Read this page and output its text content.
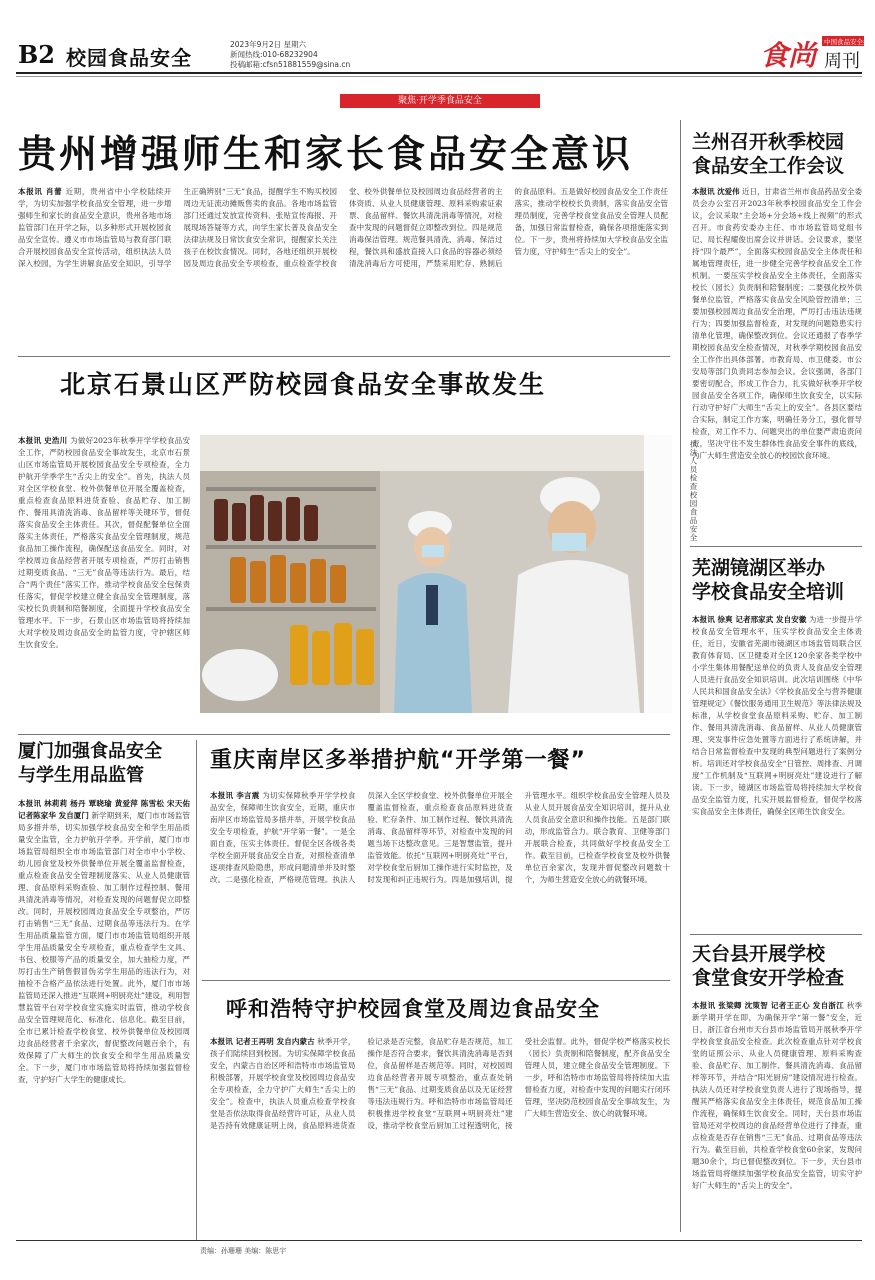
B2 校园食品安全
2023年9月2日 星期六
新闻热线:010-68232904
投稿邮箱:cfsn51881559@sina.cn	食尚	中国食品安全报
周刊
聚焦·开学季食品安全
贵州增强师生和家长食品安全意识
本报讯 肖蕾 近期，贵州省中小学校陆续开学，为切实加强学校食品安全管理，进一步增强师生和家长的食品安全意识，贵州各地市场监管部门在开学之际，以多种形式开展校园食品安全宣传。遵义市市场监管局与教育部门联合开展校园食品安全宣传活动，组织执法人员深入校园，为学生讲解食品安全知识，引导学生正确辨别“三无”食品，提醒学生不购买校园周边无证流动摊贩售卖的食品。各地市场监管部门还通过发放宣传资料、张贴宣传海报、开展现场答疑等方式，向学生家长普及食品安全法律法规及日常饮食安全常识，提醒家长关注孩子在校饮食情况。同时，各地还组织开展校园及周边食品安全专项检查，重点检查学校食堂、校外供餐单位及校园周边食品经营者的主体资质、从业人员健康管理、原料采购索证索票、食品留样、餐饮具清洗消毒等情况，对检查中发现的问题督促立即整改到位。四是规范消毒保洁管理。规范餐具清洗、消毒、保洁过程，餐饮具和盛放直接入口食品的容器必须经清洗消毒后方可使用，严禁采用贮存、熟制后的食品原料。五是做好校园食品安全工作责任落实，推动学校校长负责制，落实食品安全管理员制度，完善学校食堂食品安全管理人员配备，加强日常监督检查，确保各项措施落实到位。下一步，贵州将持续加大学校食品安全监管力度，守护师生“舌尖上的安全”。
兰州召开秋季校园
食品安全工作会议
本报讯 沈爱伟 近日，甘肃省兰州市食品药品安全委员会办公室召开2023年秋季校园食品安全工作会议，会议采取“主会场+分会场+线上视频”的形式召开。市食药安委办主任、市市场监管局党组书记、局长程耀俊出席会议并讲话。会议要求，要坚持“四个最严”，全面落实校园食品安全主体责任和属地管理责任，进一步健全完善学校食品安全工作机制。一要压实学校食品安全主体责任，全面落实校长（园长）负责制和陪餐制度；二要强化校外供餐单位监管，严格落实食品安全风险管控清单；三要加强校园周边食品安全治理，严厉打击违法违规行为；四要加强监督检查，对发现的问题隐患实行清单化管理，确保整改到位。会议还通报了春季学期校园食品安全检查情况，对秋季学期校园食品安全工作作出具体部署。市教育局、市卫健委、市公安局等部门负责同志参加会议。会议强调，各部门要密切配合，形成工作合力，扎实做好秋季开学校园食品安全各项工作，确保师生饮食安全，以实际行动守护好广大师生“舌尖上的安全”。各县区要结合实际，制定工作方案，明确任务分工，强化督导检查，对工作不力、问题突出的单位要严肃追责问责，坚决守住不发生群体性食品安全事件的底线，为广大师生营造安全放心的校园饮食环境。
北京石景山区严防校园食品安全事故发生
本报讯 史浩川 为做好2023年秋季开学学校食品安全工作，严防校园食品安全事故发生，北京市石景山区市场监管局开展校园食品安全专项检查，全力护航开学季学生“舌尖上的安全”。首先，执法人员对全区学校食堂、校外供餐单位开展全覆盖检查，重点检查食品原料进货查验、食品贮存、加工制作、餐用具清洗消毒、食品留样等关键环节，督促落实食品安全主体责任。其次，督促配餐单位全面落实主体责任，严格落实食品安全管理制度，规范食品加工操作流程，确保配送食品安全。同时，对学校周边食品经营者开展专项检查，严厉打击销售过期变质食品、“三无”食品等违法行为。最后，结合“两个责任”落实工作，推动学校食品安全包保责任落实，督促学校建立健全食品安全管理制度，落实校长负责制和陪餐制度，全面提升学校食品安全管理水平。下一步，石景山区市场监管局将持续加大对学校及周边食品安全的监管力度，守护辖区师生饮食安全。
执法人员检查校园食品安全
芜湖镜湖区举办
学校食品安全培训
本报讯 徐爽 记者邢家武 发自安徽 为进一步提升学校食品安全管理水平，压实学校食品安全主体责任，近日，安徽省芜湖市镜湖区市场监管局联合区教育体育局、区卫健委对全区120余家各类学校中小学生集体用餐配送单位的负责人及食品安全管理人员进行食品安全知识培训。此次培训围绕《中华人民共和国食品安全法》《学校食品安全与营养健康管理规定》《餐饮服务通用卫生规范》等法律法规及标准，从学校食堂食品原料采购、贮存、加工制作、餐用具清洗消毒、食品留样、从业人员健康管理、突发事件应急处置等方面进行了系统讲解，并结合日常监督检查中发现的典型问题进行了案例分析。培训还对学校食品安全“日管控、周排查、月调度”工作机制及“互联网+明厨亮灶”建设进行了解读。下一步，镜湖区市场监管局将持续加大学校食品安全监管力度，扎实开展监督检查，督促学校落实食品安全主体责任，确保全区师生饮食安全。
厦门加强食品安全
与学生用品监管
本报讯 林莉莉 杨丹 覃晓瑜 黄爱萍 陈雪松 宋天佑 记者陈家华 发自厦门 新学期到来，厦门市市场监管局多措并举，切实加强学校食品安全和学生用品质量安全监管，全力护航开学季。开学前，厦门市市场监管局组织全市市场监管部门对全市中小学校、幼儿园食堂及校外供餐单位开展全覆盖监督检查，重点检查食品安全管理制度落实、从业人员健康管理、食品原料采购查验、加工制作过程控制、餐用具清洗消毒等情况，对检查发现的问题督促立即整改。同时，开展校园周边食品安全专项整治，严厉打击销售“三无”食品、过期食品等违法行为。在学生用品质量监管方面，厦门市市场监管局组织开展学生用品质量安全专项检查，重点检查学生文具、书包、校服等产品的质量安全，加大抽检力度，严厉打击生产销售假冒伪劣学生用品的违法行为，对抽检不合格产品依法进行处置。此外，厦门市市场监管局还深入推进“互联网+明厨亮灶”建设，利用智慧监管平台对学校食堂实施实时监管，推动学校食品安全管理规范化、标准化、信息化。截至目前，全市已累计检查学校食堂、校外供餐单位及校园周边食品经营者千余家次，督促整改问题百余个，有效保障了广大师生的饮食安全和学生用品质量安全。下一步，厦门市市场监管局将持续加强监督检查，守护好广大学生的健康成长。
重庆南岸区多举措护航“开学第一餐”
本报讯 李言震 为切实保障秋季开学学校食品安全，保障师生饮食安全，近期，重庆市南岸区市场监管局多措并举，开展学校食品安全专项检查，护航“开学第一餐”。一是全面自查，压实主体责任。督促全区各级各类学校全面开展食品安全自查，对照检查清单逐项排查风险隐患，形成问题清单并及时整改。二是强化检查，严格规范管理。执法人员深入全区学校食堂、校外供餐单位开展全覆盖监督检查，重点检查食品原料进货查验、贮存条件、加工制作过程、餐饮具清洗消毒、食品留样等环节，对检查中发现的问题当场下达整改意见。三是智慧监管，提升监管效能。依托“互联网+明厨亮灶”平台，对学校食堂后厨加工操作进行实时监控，及时发现和纠正违规行为。四是加强培训，提升管理水平。组织学校食品安全管理人员及从业人员开展食品安全知识培训，提升从业人员食品安全意识和操作技能。五是部门联动，形成监管合力。联合教育、卫健等部门开展联合检查，共同做好学校食品安全工作。截至目前，已检查学校食堂及校外供餐单位百余家次，发现并督促整改问题数十个，为师生营造安全放心的就餐环境。
天台县开展学校
食堂食安开学检查
本报讯 张梁卿 沈策智 记者王正心 发自浙江 秋季新学期开学在即，为确保开学“第一餐”安全，近日，浙江省台州市天台县市场监管局开展秋季开学学校食堂食品安全检查。此次检查重点针对学校食堂的证照公示、从业人员健康管理、原料采购查验、食品贮存、加工制作、餐具清洗消毒、食品留样等环节，并结合“阳光厨房”建设情况进行检查。执法人员还对学校食堂负责人进行了现场指导，提醒其严格落实食品安全主体责任，规范食品加工操作流程，确保师生饮食安全。同时，天台县市场监管局还对学校周边的食品经营单位进行了排查，重点检查是否存在销售“三无”食品、过期食品等违法行为。截至目前，共检查学校食堂60余家，发现问题30余个，均已督促整改到位。下一步，天台县市场监管局将继续加强学校食品安全监管，切实守护好广大师生的“舌尖上的安全”。
呼和浩特守护校园食堂及周边食品安全
本报讯 记者王再明 发自内蒙古 秋季开学，孩子们陆续回到校园。为切实保障学校食品安全，内蒙古自治区呼和浩特市市场监管局积极部署，开展学校食堂及校园周边食品安全专项检查，全力守护广大师生“舌尖上的安全”。检查中，执法人员重点检查学校食堂是否依法取得食品经营许可证，从业人员是否持有效健康证明上岗，食品原料进货查验记录是否完整，食品贮存是否规范，加工操作是否符合要求，餐饮具清洗消毒是否到位，食品留样是否规范等。同时，对校园周边食品经营者开展专项整治，重点查处销售“三无”食品、过期变质食品以及无证经营等违法违规行为。呼和浩特市市场监管局还积极推进学校食堂“互联网+明厨亮灶”建设，推动学校食堂后厨加工过程透明化，接受社会监督。此外，督促学校严格落实校长（园长）负责制和陪餐制度，配齐食品安全管理人员，建立健全食品安全管理制度。下一步，呼和浩特市市场监管局将持续加大监督检查力度，对检查中发现的问题实行闭环管理，坚决防范校园食品安全事故发生，为广大师生营造安全、放心的就餐环境。
责编：孙珊珊 美编：陈思宇
